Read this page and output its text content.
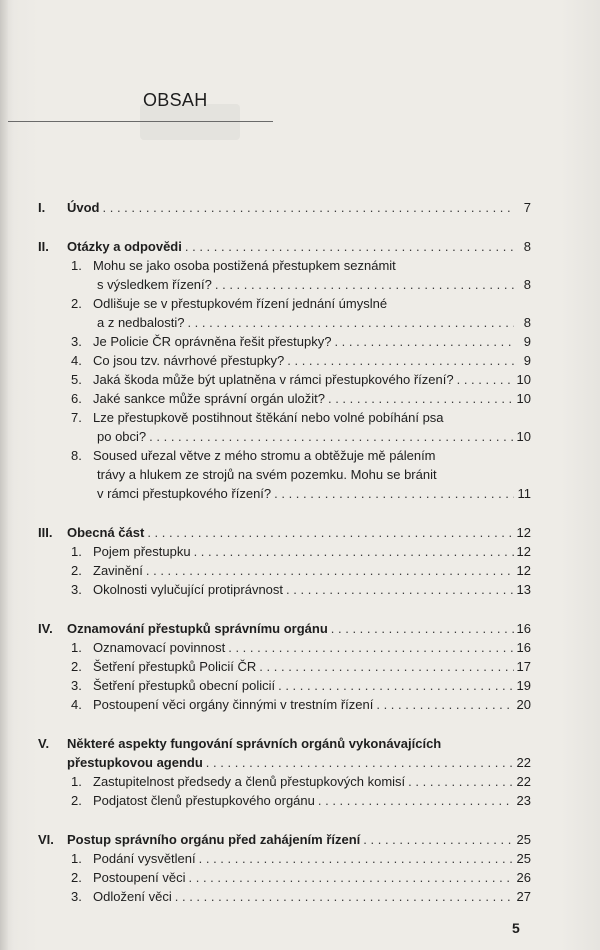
OBSAH
I.	Úvod . . .	7
II.	Otázky a odpovědi . . .	8
1. Mohu se jako osoba postižená přestupkem seznámit
s výsledkem řízení? . . .	8
2. Odlišuje se v přestupkovém řízení jednání úmyslné
a z nedbalosti? . . .	8
3. Je Policie ČR oprávněna řešit přestupky? . . .	9
4. Co jsou tzv. návrhové přestupky? . . .	9
5. Jaká škoda může být uplatněna v rámci přestupkového řízení? . . .	10
6. Jaké sankce může správní orgán uložit? . . .	10
7. Lze přestupkově postihnout štěkání nebo volné pobíhání psa
po obci? . . .	10
8. Soused uřezal větve z mého stromu a obtěžuje mě pálením
trávy a hlukem ze strojů na svém pozemku. Mohu se bránit
v rámci přestupkového řízení? . . .	11
III.	Obecná část . . .	12
1. Pojem přestupku . . .	12
2. Zavinění . . .	12
3. Okolnosti vylučující protiprávnost . . .	13
IV.	Oznamování přestupků správnímu orgánu . . .	16
1. Oznamovací povinnost . . .	16
2. Šetření přestupků Policií ČR . . .	17
3. Šetření přestupků obecní policií . . .	19
4. Postoupení věci orgány činnými v trestním řízení . . .	20
V.	Některé aspekty fungování správních orgánů vykonávajících
přestupkovou agendu . . .	22
1. Zastupitelnost předsedy a členů přestupkových komisí . . .	22
2. Podjatost členů přestupkového orgánu . . .	23
VI.	Postup správního orgánu před zahájením řízení . . .	25
1. Podání vysvětlení . . .	25
2. Postoupení věci . . .	26
3. Odložení věci . . .	27
5
